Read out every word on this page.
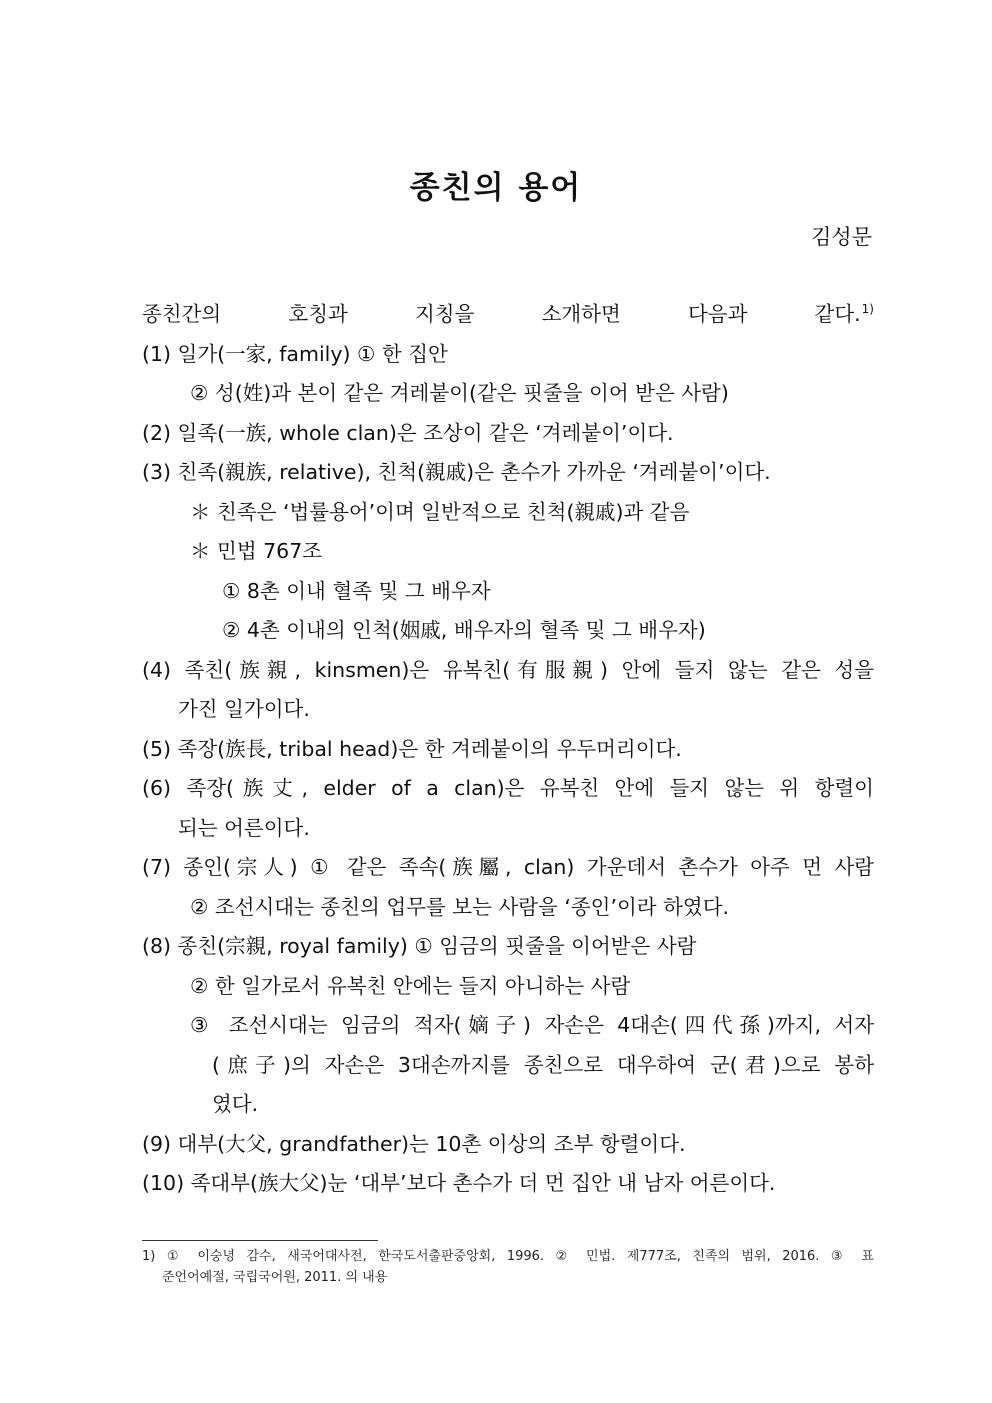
종친의 용어
김성문
종친간의 호칭과 지칭을 소개하면 다음과 같다.$^{1)}$
(1) 일가(一家, family) ① 한 집안
② 성(姓)과 본이 같은 겨레붙이(같은 핏줄을 이어 받은 사람)
(2) 일족(一族, whole clan)은 조상이 같은 ‘겨레붙이’이다.
(3) 친족(親族, relative), 친척(親戚)은 촌수가 가까운 ‘겨레붙이’이다.
＊ 친족은 ‘법률용어’이며 일반적으로 친척(親戚)과 같음
＊ 민법 767조
① 8촌 이내 혈족 및 그 배우자
② 4촌 이내의 인척(姻戚, 배우자의 혈족 및 그 배우자)
(4) 족친(族親, kinsmen)은 유복친(有服親) 안에 들지 않는 같은 성을
가진 일가이다.
(5) 족장(族長, tribal head)은 한 겨레붙이의 우두머리이다.
(6) 족장(族丈, elder of a clan)은 유복친 안에 들지 않는 위 항렬이
되는 어른이다.
(7) 종인(宗人) ① 같은 족속(族屬, clan) 가운데서 촌수가 아주 먼 사람
② 조선시대는 종친의 업무를 보는 사람을 ‘종인’이라 하였다.
(8) 종친(宗親, royal family) ① 임금의 핏줄을 이어받은 사람
② 한 일가로서 유복친 안에는 들지 아니하는 사람
③ 조선시대는 임금의 적자(嫡子) 자손은 4대손(四代孫)까지, 서자
(庶子)의 자손은 3대손까지를 종친으로 대우하여 군(君)으로 봉하
였다.
(9) 대부(大父, grandfather)는 10촌 이상의 조부 항렬이다.
(10) 족대부(族大父)눈 ‘대부’보다 촌수가 더 먼 집안 내 남자 어른이다.
1) ① 이숭녕 감수, 새국어대사전, 한국도서출판중앙회, 1996. ② 민법. 제777조, 친족의 범위, 2016. ③ 표
준언어예절, 국립국어원, 2011. 의 내용
